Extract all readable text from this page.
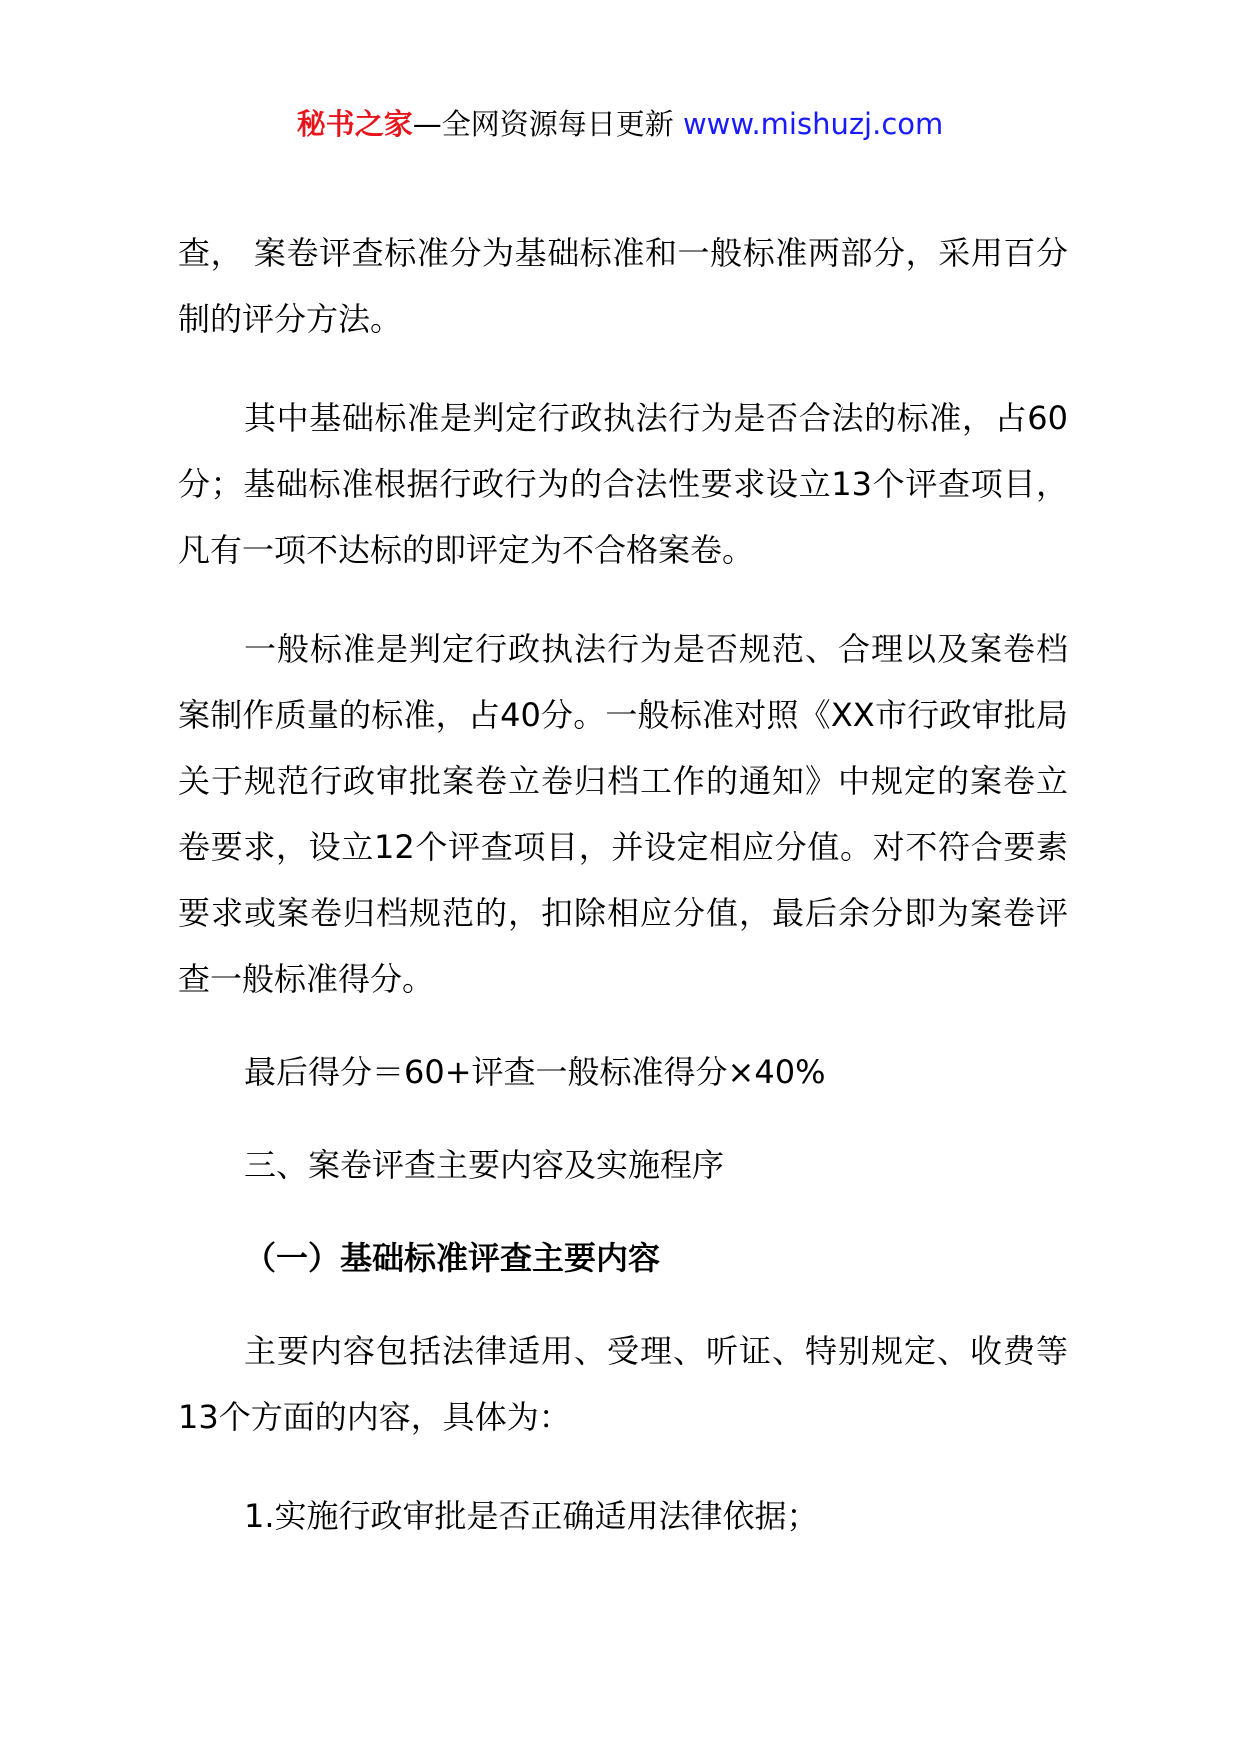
秘书之家—全网资源每日更新 www.mishuzj.com

查， 案卷评查标准分为基础标准和一般标准两部分，采用百分制的评分方法。

其中基础标准是判定行政执法行为是否合法的标准，占60分；基础标准根据行政行为的合法性要求设立13个评查项目，凡有一项不达标的即评定为不合格案卷。

一般标准是判定行政执法行为是否规范、合理以及案卷档案制作质量的标准，占40分。一般标准对照《XX市行政审批局关于规范行政审批案卷立卷归档工作的通知》中规定的案卷立卷要求，设立12个评查项目，并设定相应分值。对不符合要素要求或案卷归档规范的，扣除相应分值，最后余分即为案卷评查一般标准得分。

最后得分＝60+评查一般标准得分×40%

三、案卷评查主要内容及实施程序

（一）基础标准评查主要内容

主要内容包括法律适用、受理、听证、特别规定、收费等13个方面的内容，具体为：

1.实施行政审批是否正确适用法律依据；
